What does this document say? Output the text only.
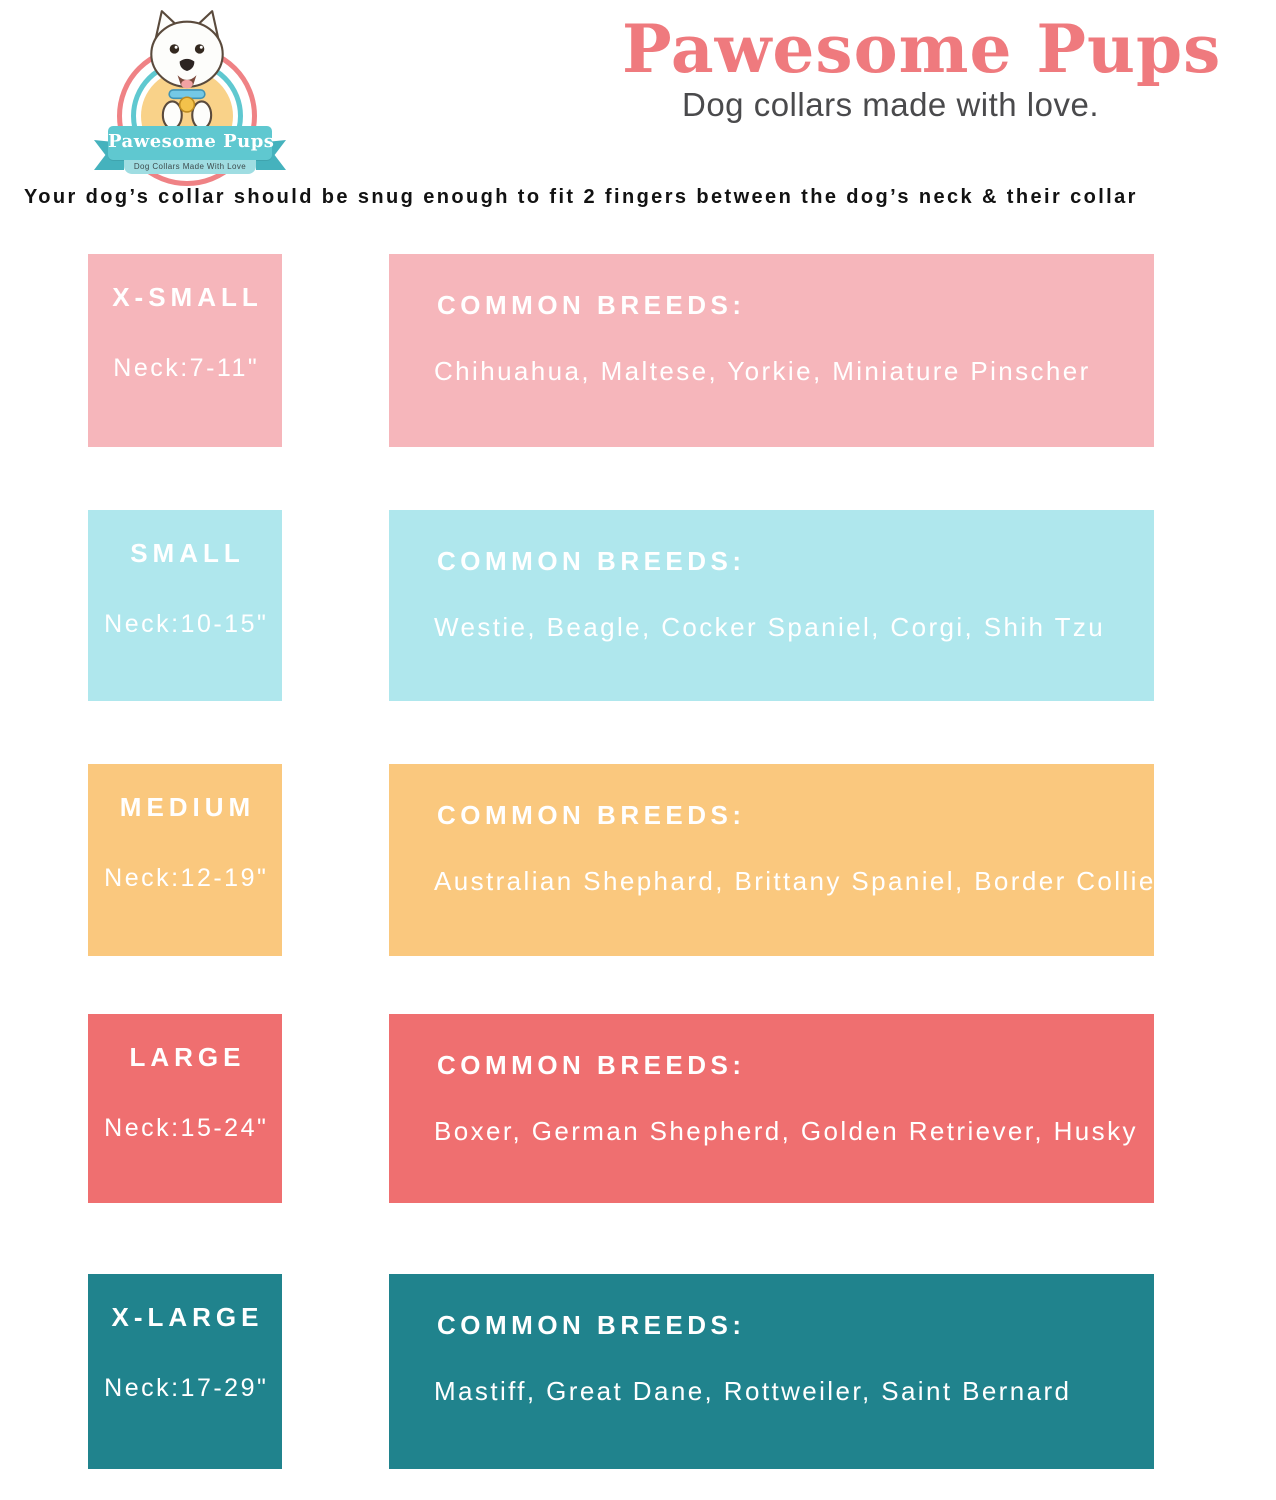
Pawesome Pups
Dog Collars Made With Love
Pawesome Pups
Dog collars made with love.
Your dog’s collar should be snug enough to fit 2 fingers between the dog’s neck & their collar
X-SMALL
Neck:7-11"
COMMON BREEDS:
Chihuahua, Maltese, Yorkie, Miniature Pinscher
SMALL
Neck:10-15"
COMMON BREEDS:
Westie, Beagle, Cocker Spaniel, Corgi, Shih Tzu
MEDIUM
Neck:12-19"
COMMON BREEDS:
Australian Shephard, Brittany Spaniel, Border Collie
LARGE
Neck:15-24"
COMMON BREEDS:
Boxer, German Shepherd, Golden Retriever, Husky
X-LARGE
Neck:17-29"
COMMON BREEDS:
Mastiff, Great Dane, Rottweiler, Saint Bernard
